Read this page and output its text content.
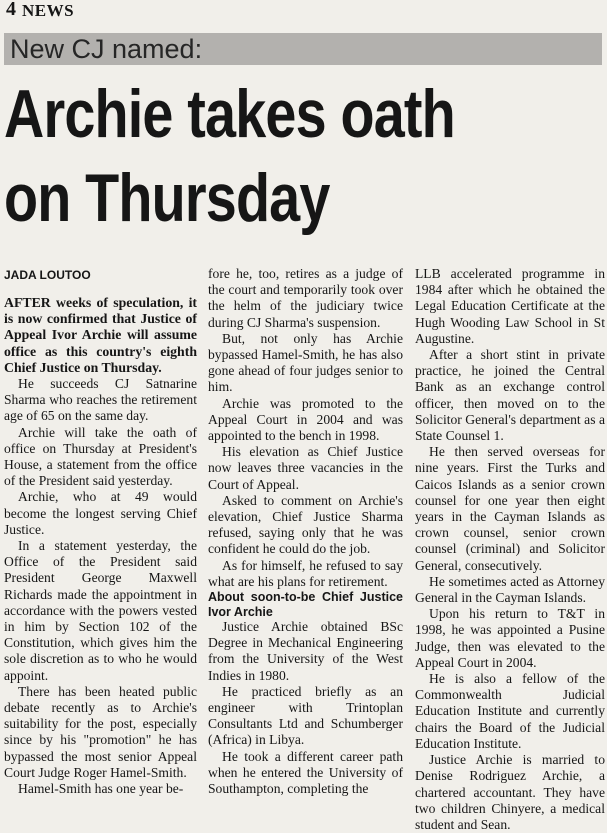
4 NEWS
New CJ named:
Archie takes oath
on Thursday
JADA LOUTOO

AFTER weeks of speculation, it is now confirmed that Justice of Appeal Ivor Archie will assume office as this country's eighth Chief Justice on Thursday.

He succeeds CJ Satnarine Sharma who reaches the retirement age of 65 on the same day.

Archie will take the oath of office on Thursday at President's House, a statement from the office of the President said yesterday.

Archie, who at 49 would become the longest serving Chief Justice.

In a statement yesterday, the Office of the President said President George Maxwell Richards made the appointment in accordance with the powers vested in him by Section 102 of the Constitution, which gives him the sole discretion as to who he would appoint.

There has been heated public debate recently as to Archie's suitability for the post, especially since by his "promotion" he has bypassed the most senior Appeal Court Judge Roger Hamel-Smith.

Hamel-Smith has one year be-

fore he, too, retires as a judge of the court and temporarily took over the helm of the judiciary twice during CJ Sharma's suspension.

But, not only has Archie bypassed Hamel-Smith, he has also gone ahead of four judges senior to him.

Archie was promoted to the Appeal Court in 2004 and was appointed to the bench in 1998.

His elevation as Chief Justice now leaves three vacancies in the Court of Appeal.

Asked to comment on Archie's elevation, Chief Justice Sharma refused, saying only that he was confident he could do the job.

As for himself, he refused to say what are his plans for retirement.

About soon-to-be Chief Justice Ivor Archie

Justice Archie obtained BSc Degree in Mechanical Engineering from the University of the West Indies in 1980.

He practiced briefly as an engineer with Trintoplan Consultants Ltd and Schumberger (Africa) in Libya.

He took a different career path when he entered the University of Southampton, completing the

LLB accelerated programme in 1984 after which he obtained the Legal Education Certificate at the Hugh Wooding Law School in St Augustine.

After a short stint in private practice, he joined the Central Bank as an exchange control officer, then moved on to the Solicitor General's department as a State Counsel 1.

He then served overseas for nine years. First the Turks and Caicos Islands as a senior crown counsel for one year then eight years in the Cayman Islands as crown counsel, senior crown counsel (criminal) and Solicitor General, consecutively.

He sometimes acted as Attorney General in the Cayman Islands.

Upon his return to T&T in 1998, he was appointed a Pusine Judge, then was elevated to the Appeal Court in 2004.

He is also a fellow of the Commonwealth Judicial Education Institute and currently chairs the Board of the Judicial Education Institute.

Justice Archie is married to Denise Rodriguez Archie, a chartered accountant. They have two children Chinyere, a medical student and Sean.
